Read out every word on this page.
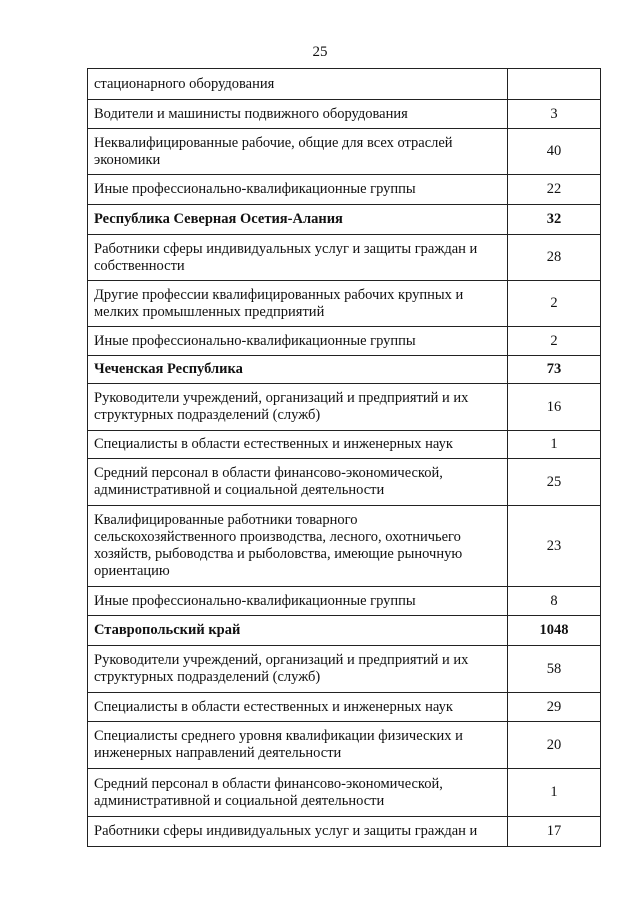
25
стационарного оборудования	
Водители и машинисты подвижного оборудования	3
Неквалифицированные рабочие, общие для всех отраслей экономики	40
Иные профессионально-квалификационные группы	22
Республика Северная Осетия-Алания	32
Работники сферы индивидуальных услуг и защиты граждан и собственности	28
Другие профессии квалифицированных рабочих крупных и мелких промышленных предприятий	2
Иные профессионально-квалификационные группы	2
Чеченская Республика	73
Руководители учреждений, организаций и предприятий и их структурных подразделений (служб)	16
Специалисты в области естественных и инженерных наук	1
Средний персонал в области финансово-экономической, административной и социальной деятельности	25
Квалифицированные работники товарного сельскохозяйственного производства, лесного, охотничьего хозяйств, рыбоводства и рыболовства, имеющие рыночную ориентацию	23
Иные профессионально-квалификационные группы	8
Ставропольский край	1048
Руководители учреждений, организаций и предприятий и их структурных подразделений (служб)	58
Специалисты в области естественных и инженерных наук	29
Специалисты среднего уровня квалификации физических и инженерных направлений деятельности	20
Средний персонал в области финансово-экономической, административной и социальной деятельности	1
Работники сферы индивидуальных услуг и защиты граждан и	17
